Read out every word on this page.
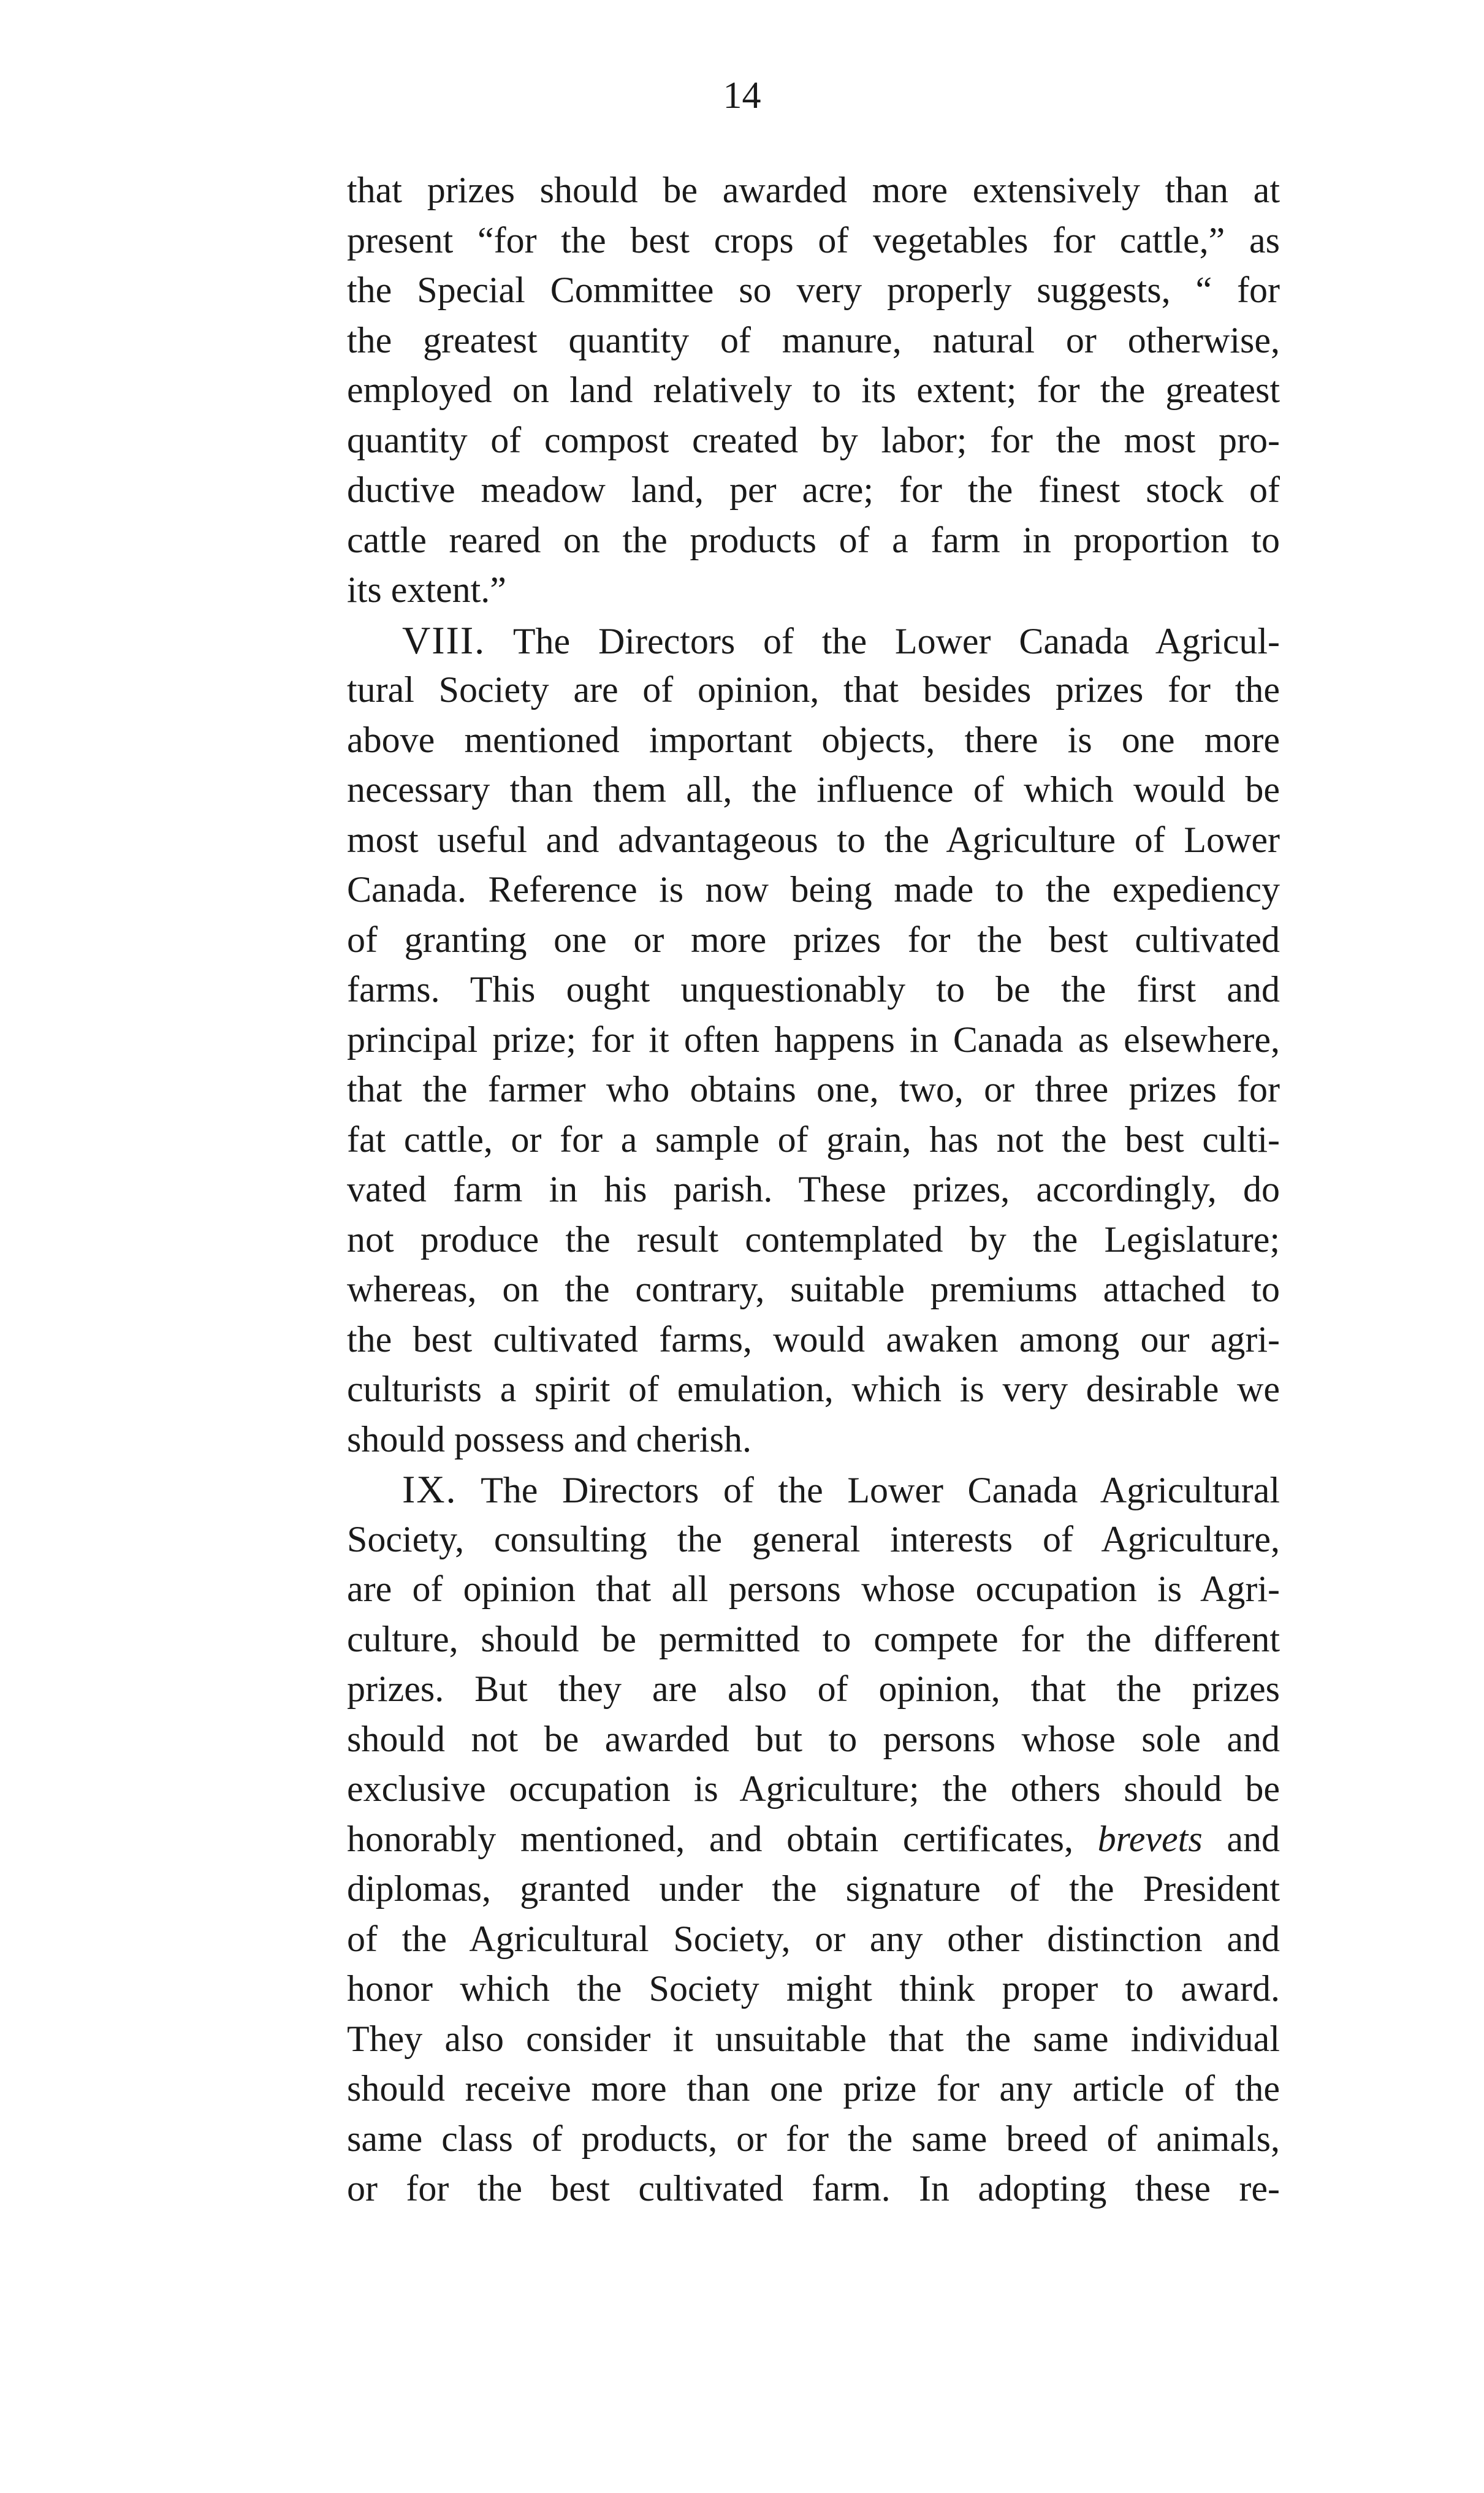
14
that prizes should be awarded more extensively than at
present “for the best crops of vegetables for cattle,” as
the Special Committee so very properly suggests, “ for
the greatest quantity of manure, natural or otherwise,
employed on land relatively to its extent; for the greatest
quantity of compost created by labor; for the most pro-
ductive meadow land, per acre; for the finest stock of
cattle reared on the products of a farm in proportion to
its extent.”
VIII. The Directors of the Lower Canada Agricul-
tural Society are of opinion, that besides prizes for the
above mentioned important objects, there is one more
necessary than them all, the influence of which would be
most useful and advantageous to the Agriculture of Lower
Canada. Reference is now being made to the expediency
of granting one or more prizes for the best cultivated
farms. This ought unquestionably to be the first and
principal prize; for it often happens in Canada as elsewhere,
that the farmer who obtains one, two, or three prizes for
fat cattle, or for a sample of grain, has not the best culti-
vated farm in his parish. These prizes, accordingly, do
not produce the result contemplated by the Legislature;
whereas, on the contrary, suitable premiums attached to
the best cultivated farms, would awaken among our agri-
culturists a spirit of emulation, which is very desirable we
should possess and cherish.
IX. The Directors of the Lower Canada Agricultural
Society, consulting the general interests of Agriculture,
are of opinion that all persons whose occupation is Agri-
culture, should be permitted to compete for the different
prizes. But they are also of opinion, that the prizes
should not be awarded but to persons whose sole and
exclusive occupation is Agriculture; the others should be
honorably mentioned, and obtain certificates, brevets and
diplomas, granted under the signature of the President
of the Agricultural Society, or any other distinction and
honor which the Society might think proper to award.
They also consider it unsuitable that the same individual
should receive more than one prize for any article of the
same class of products, or for the same breed of animals,
or for the best cultivated farm. In adopting these re-
